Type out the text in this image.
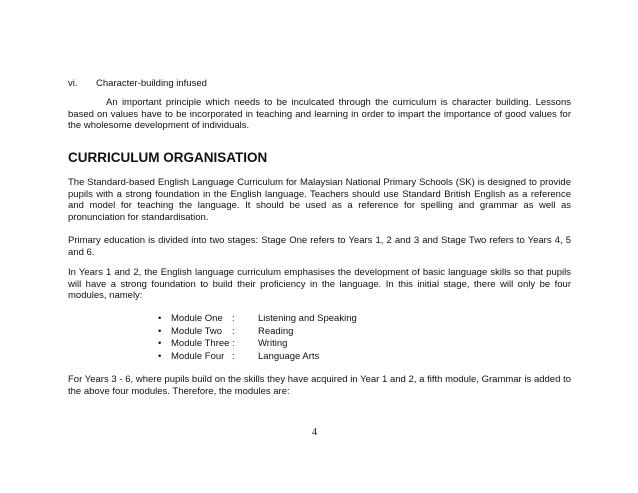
vi. Character-building infused

An important principle which needs to be inculcated through the curriculum is character building. Lessons based on values have to be incorporated in teaching and learning in order to impart the importance of good values for the wholesome development of individuals.

CURRICULUM ORGANISATION

The Standard-based English Language Curriculum for Malaysian National Primary Schools (SK) is designed to provide pupils with a strong foundation in the English language. Teachers should use Standard British English as a reference and model for teaching the language. It should be used as a reference for spelling and grammar as well as pronunciation for standardisation.

Primary education is divided into two stages: Stage One refers to Years 1, 2 and 3 and Stage Two refers to Years 4, 5 and 6.

In Years 1 and 2, the English language curriculum emphasises the development of basic language skills so that pupils will have a strong foundation to build their proficiency in the language. In this initial stage, there will only be four modules, namely:

• Module One : Listening and Speaking
• Module Two : Reading
• Module Three : Writing
• Module Four : Language Arts

For Years 3 - 6, where pupils build on the skills they have acquired in Year 1 and 2, a fifth module, Grammar is added to the above four modules. Therefore, the modules are:

4
